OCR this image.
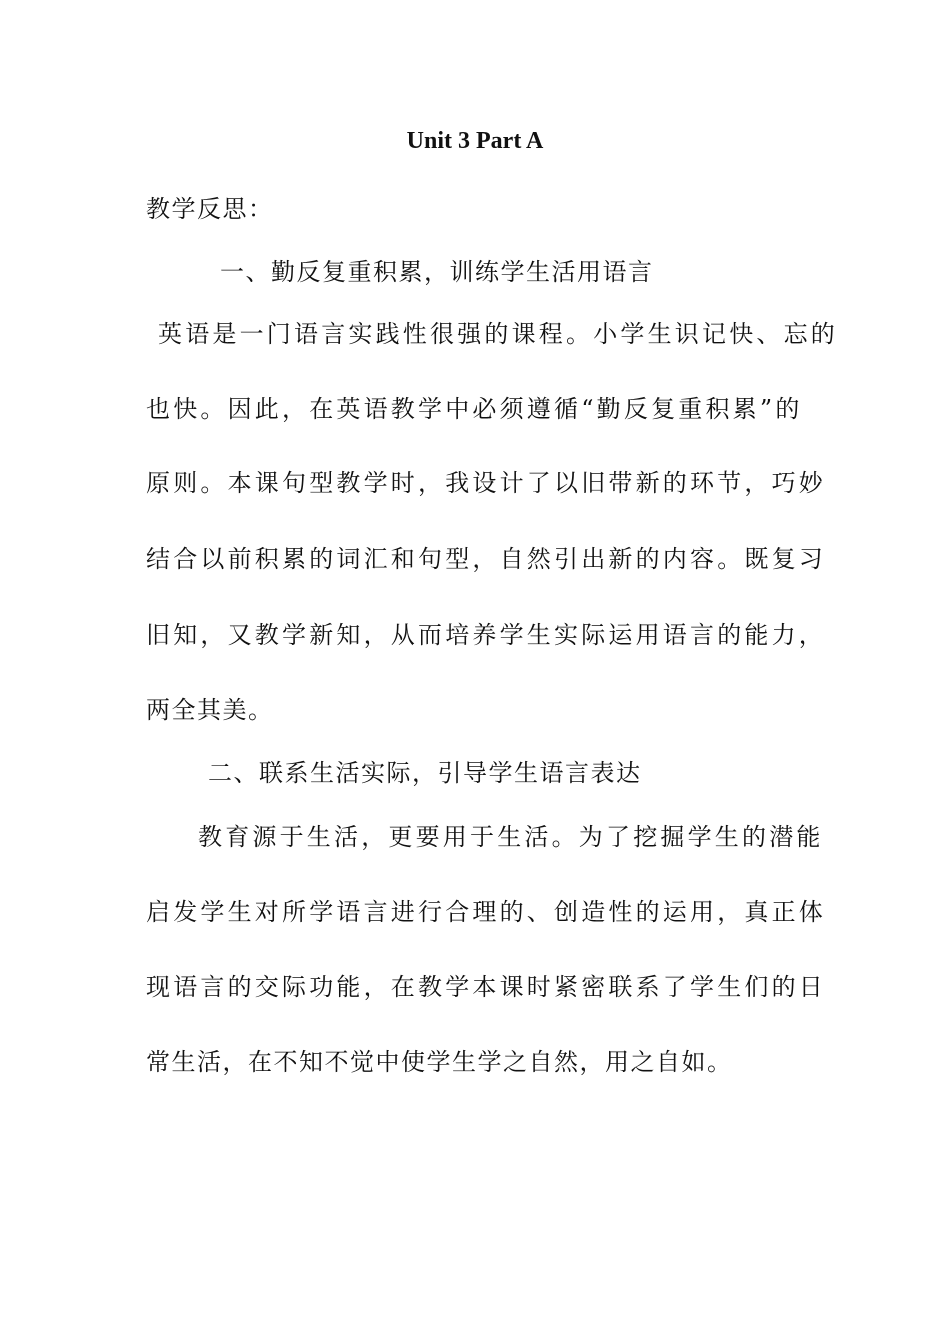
Unit 3 Part A

教学反思：

一、勤反复重积累，训练学生活用语言

英语是一门语言实践性很强的课程。小学生识记快、忘的

也快。因此，在英语教学中必须遵循“勤反复重积累”的

原则。本课句型教学时，我设计了以旧带新的环节，巧妙

结合以前积累的词汇和句型，自然引出新的内容。既复习

旧知，又教学新知，从而培养学生实际运用语言的能力，

两全其美。

二、联系生活实际，引导学生语言表达

教育源于生活，更要用于生活。为了挖掘学生的潜能

启发学生对所学语言进行合理的、创造性的运用，真正体

现语言的交际功能，在教学本课时紧密联系了学生们的日

常生活，在不知不觉中使学生学之自然，用之自如。
